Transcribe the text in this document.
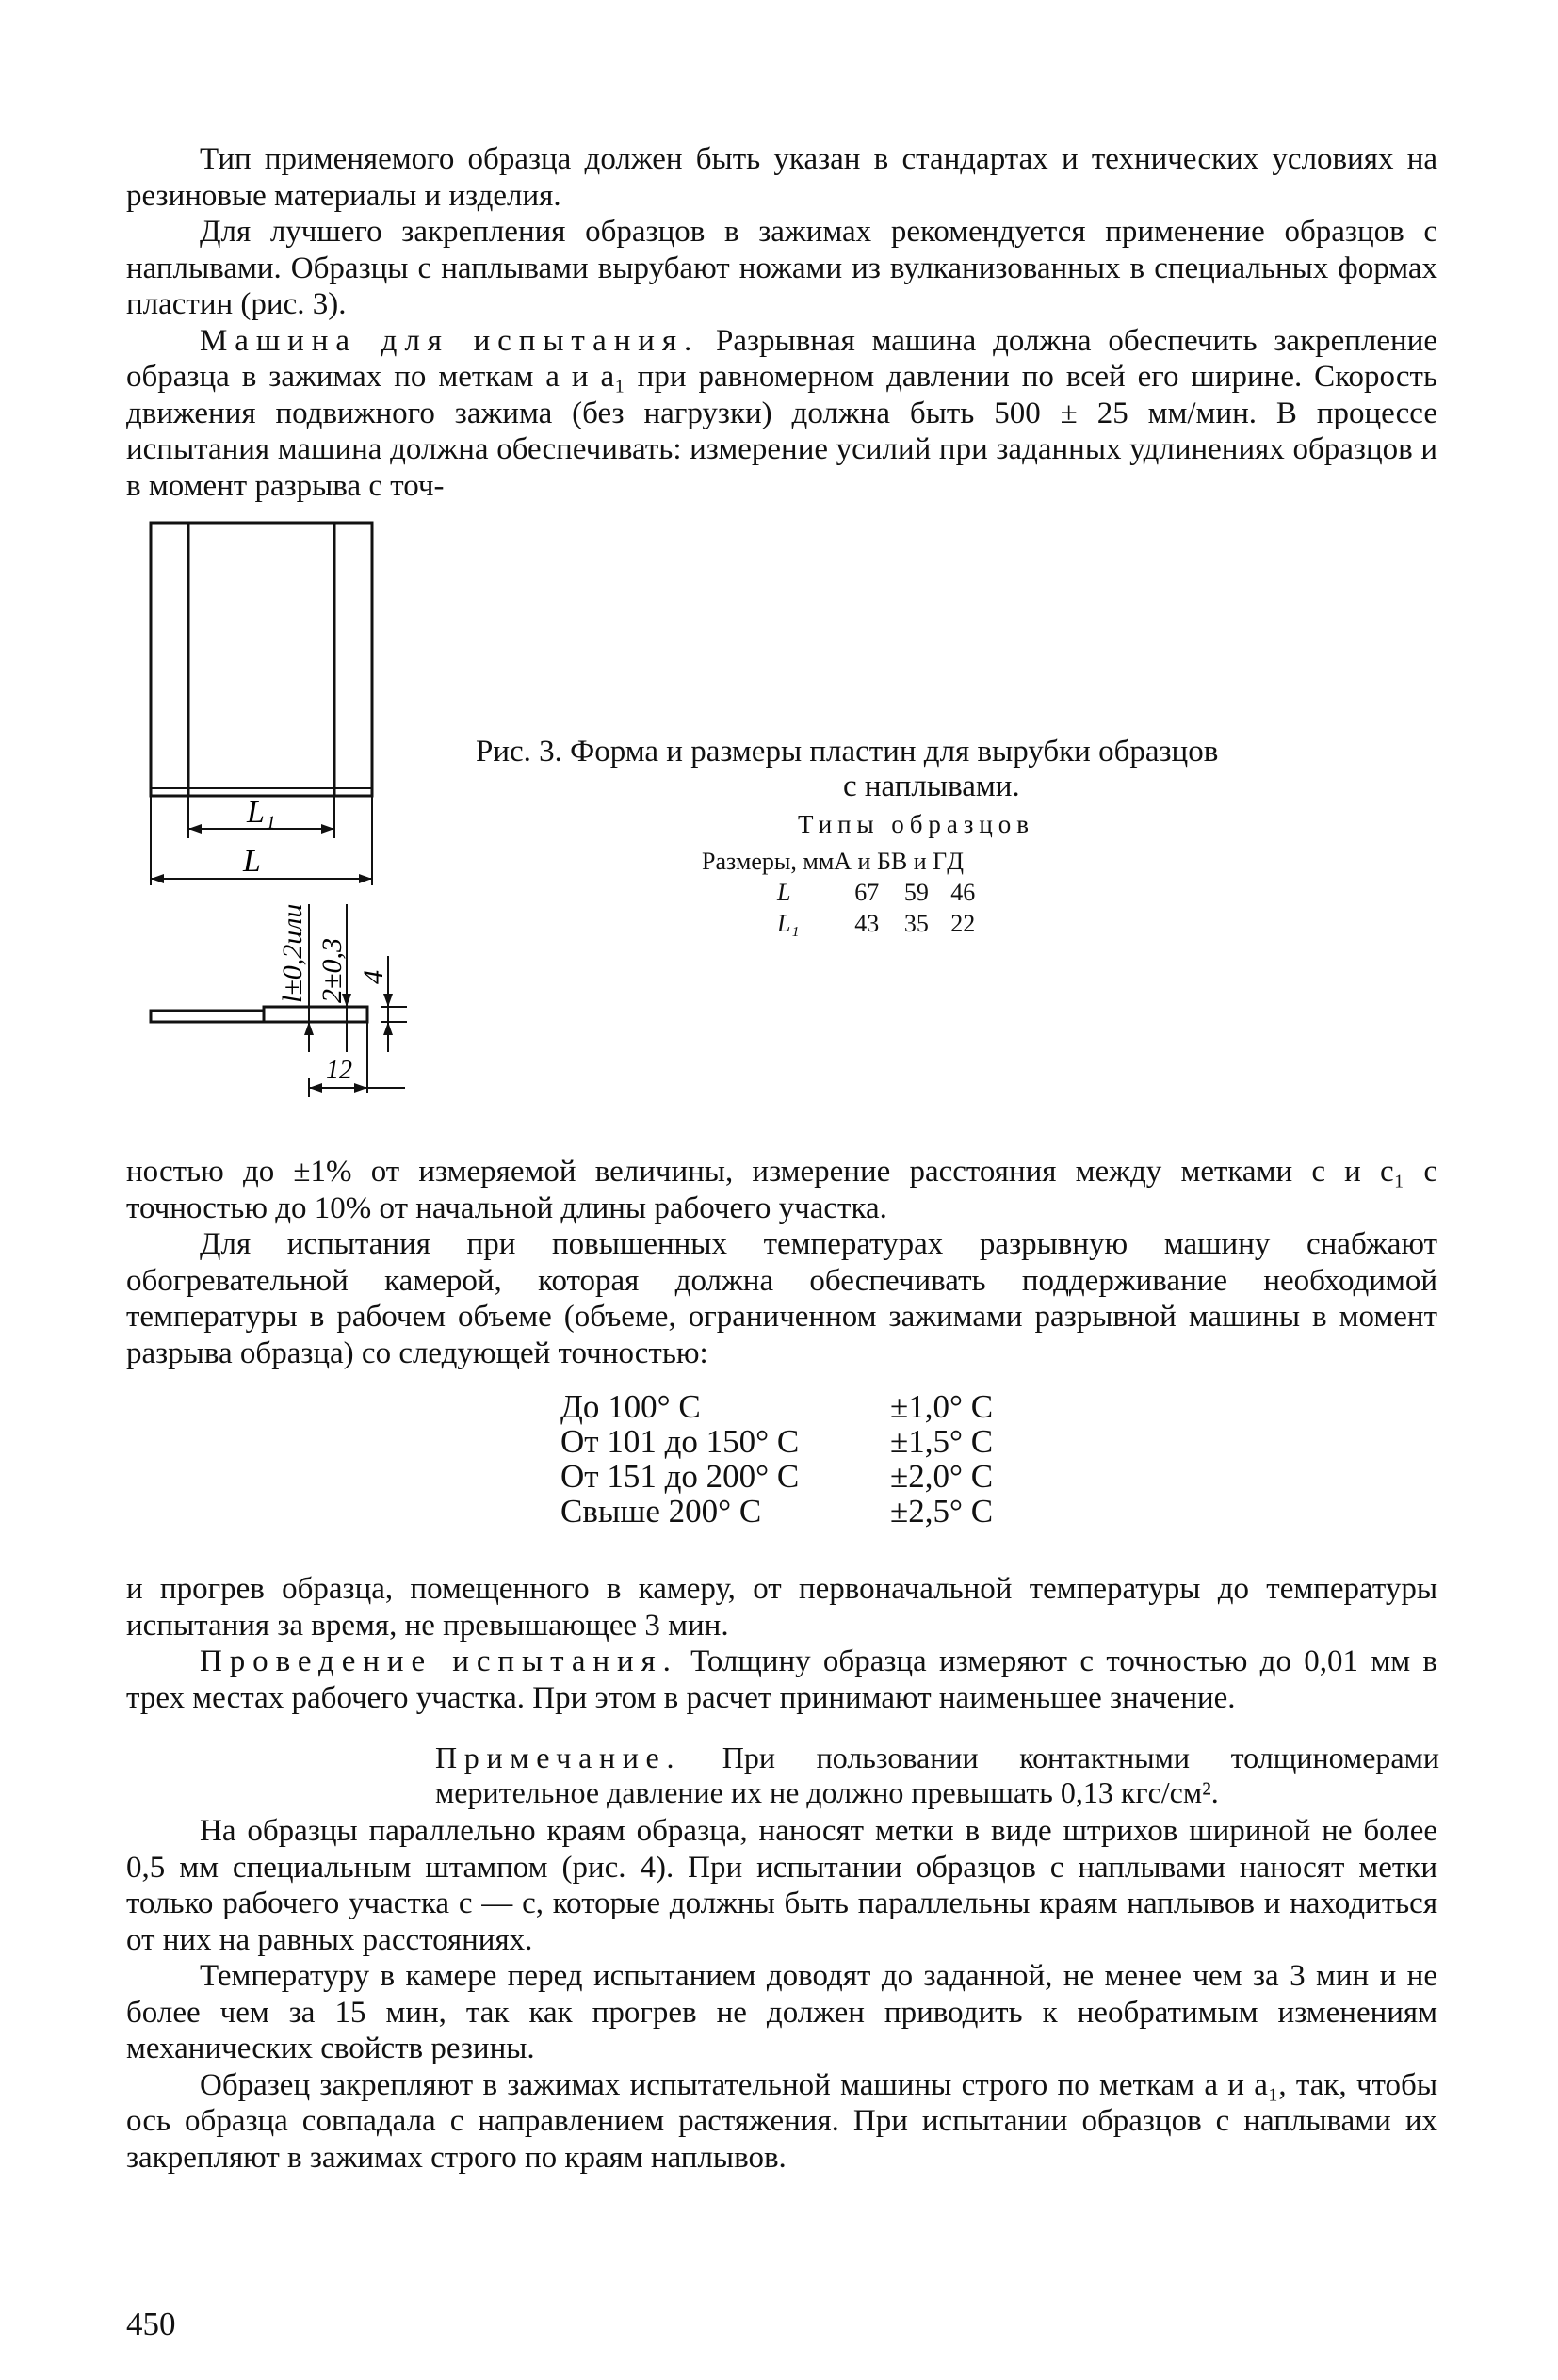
Тип применяемого образца должен быть указан в стандартах и технических условиях на резиновые материалы и изделия.

Для лучшего закрепления образцов в зажимах рекомендуется применение образцов с наплывами. Образцы с наплывами вырубают ножами из вулканизованных в специальных формах пластин (рис. 3).

Машина для испытания. Разрывная машина должна обеспечить закрепление образца в зажимах по меткам a и a₁ при равномерном давлении по всей его ширине. Скорость движения подвижного зажима (без нагрузки) должна быть 500 ± 25 мм/мин. В процессе испытания машина должна обеспечивать: измерение усилий при заданных удлинениях образцов и в момент разрыва с точ-

L₁
L
l±0,2или 2±0,3 4
12
Рис. 3. Форма и размеры пластин для вырубки образцов
с наплывами.
Типы образцов
Размеры, мм	А и Б	В и Г	Д
L	67	59	46
L₁	43	35	22

ностью до ±1% от измеряемой величины, измерение расстояния между метками c и c₁ с точностью до 10% от начальной длины рабочего участка.

Для испытания при повышенных температурах разрывную машину снабжают обогревательной камерой, которая должна обеспечивать поддерживание необходимой температуры в рабочем объеме (объеме, ограниченном зажимами разрывной машины в момент разрыва образца) со следующей точностью:

До 100° С	±1,0° С
От 101 до 150° С	±1,5° С
От 151 до 200° С	±2,0° С
Свыше 200° С	±2,5° С

и прогрев образца, помещенного в камеру, от первоначальной температуры до температуры испытания за время, не превышающее 3 мин.

Проведение испытания. Толщину образца измеряют с точностью до 0,01 мм в трех местах рабочего участка. При этом в расчет принимают наименьшее значение.

Примечание. При пользовании контактными толщиномерами мерительное давление их не должно превышать 0,13 кгс/см².

На образцы параллельно краям образца, наносят метки в виде штрихов шириной не более 0,5 мм специальным штампом (рис. 4). При испытании образцов с наплывами наносят метки только рабочего участка c — c, которые должны быть параллельны краям наплывов и находиться от них на равных расстояниях.

Температуру в камере перед испытанием доводят до заданной, не менее чем за 3 мин и не более чем за 15 мин, так как прогрев не должен приводить к необратимым изменениям механических свойств резины.

Образец закрепляют в зажимах испытательной машины строго по меткам a и a₁, так, чтобы ось образца совпадала с направлением растяжения. При испытании образцов с наплывами их закрепляют в зажимах строго по краям наплывов.

450
